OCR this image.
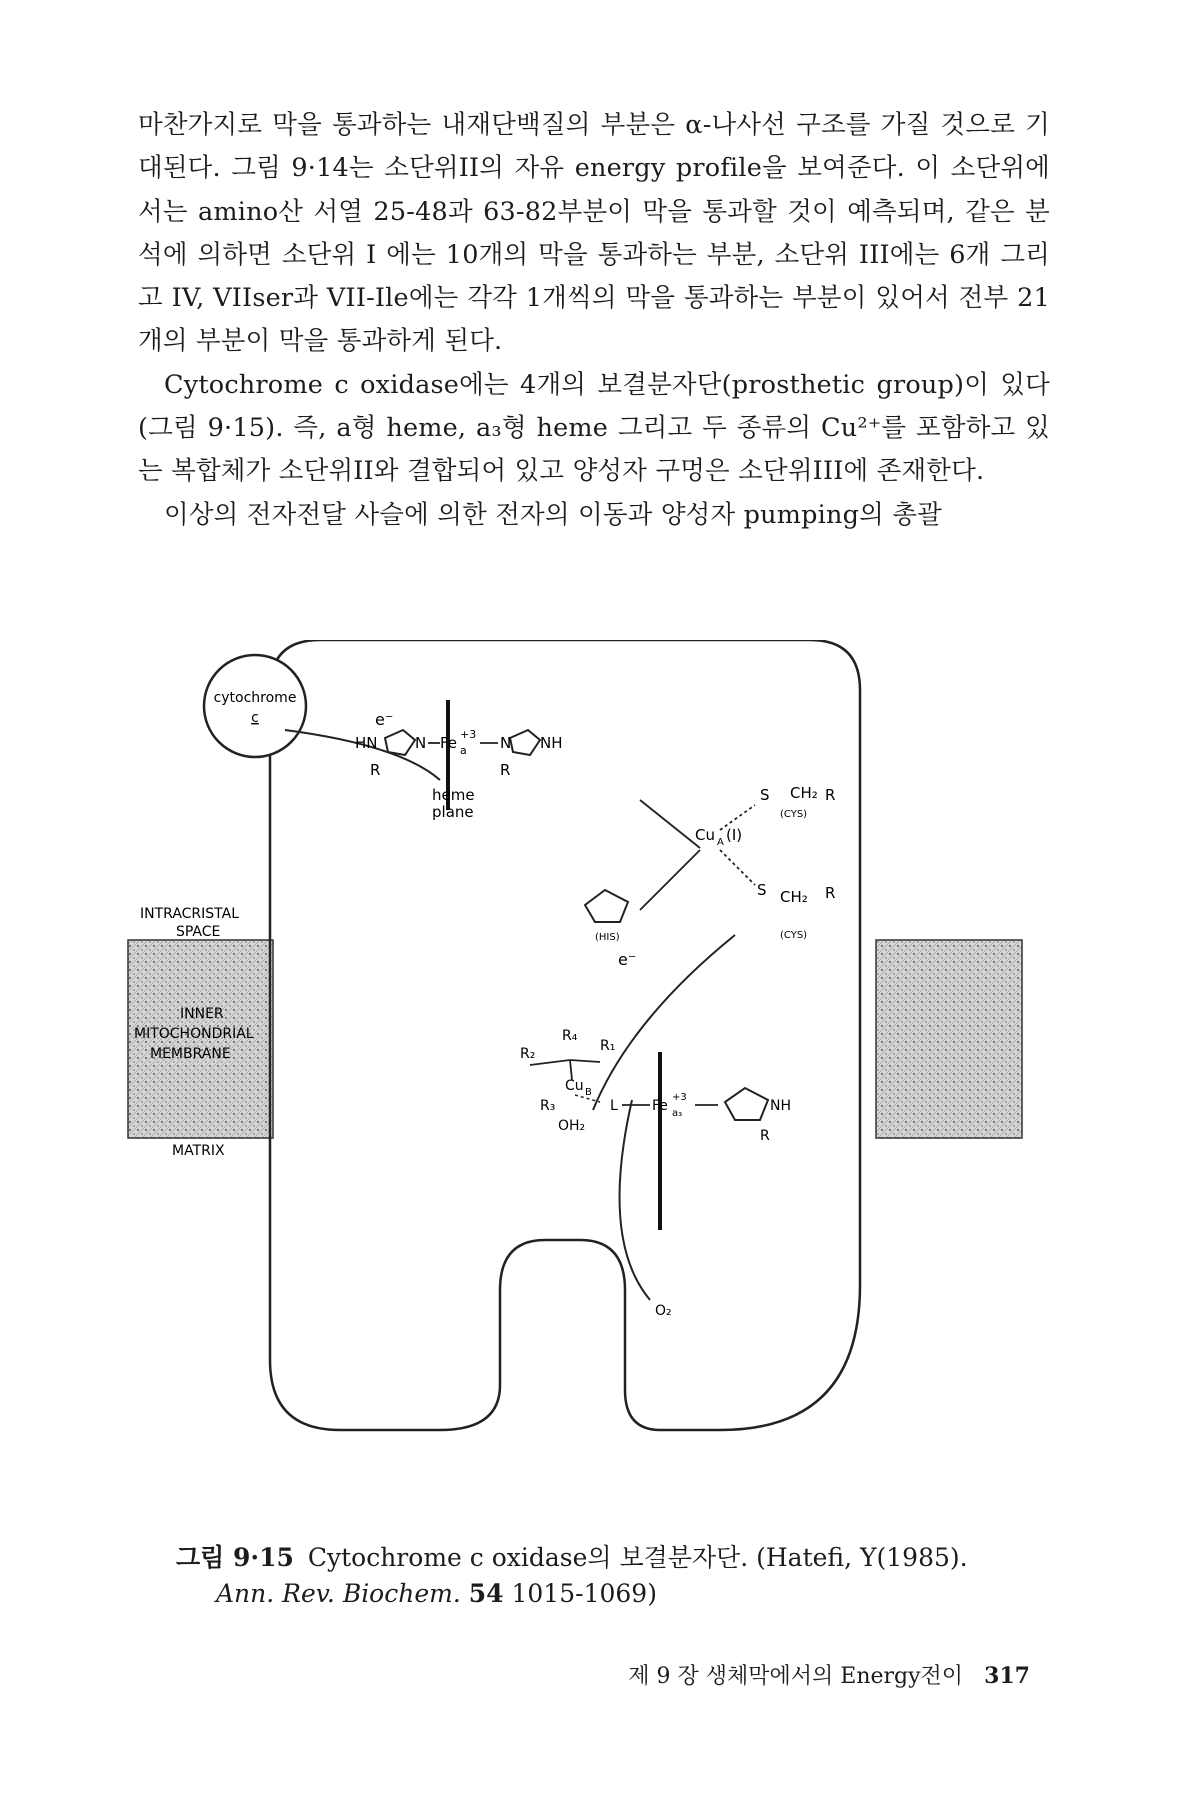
마찬가지로 막을 통과하는 내재단백질의 부분은 α-나사선 구조를 가질 것으로 기대된다. 그림 9·14는 소단위II의 자유 energy profile을 보여준다. 이 소단위에서는 amino산 서열 25-48과 63-82부분이 막을 통과할 것이 예측되며, 같은 분석에 의하면 소단위 I 에는 10개의 막을 통과하는 부분, 소단위 III에는 6개 그리고 IV, VIIser과 VII-Ile에는 각각 1개씩의 막을 통과하는 부분이 있어서 전부 21개의 부분이 막을 통과하게 된다.

Cytochrome c oxidase에는 4개의 보결분자단(prosthetic group)이 있다(그림 9·15). 즉, a형 heme, a₃형 heme 그리고 두 종류의 Cu²⁺를 포함하고 있는 복합체가 소단위II와 결합되어 있고 양성자 구멍은 소단위III에 존재한다.

이상의 전자전달 사슬에 의한 전자의 이동과 양성자 pumping의 총괄

cytochrome
c	e⁻
HN	N Fe +3
a N NH
R	R
heme
plane
S CH₂ R
(CYS)
Cu A (I)
(HIS)
S CH₂ R
(CYS)
e⁻
R₄
R₂	R₁
Cu B
R₃
OH₂
L Fe
+3
a₃	NH
R
O₂
INTRACRISTAL
SPACE
INNER
MITOCHONDRIAL
MEMBRANE
MATRIX
그림 9·15 Cytochrome c oxidase의 보결분자단. (Hatefi, Y(1985).
Ann. Rev. Biochem. 54 1015-1069)
제 9 장 생체막에서의 Energy전이 317
